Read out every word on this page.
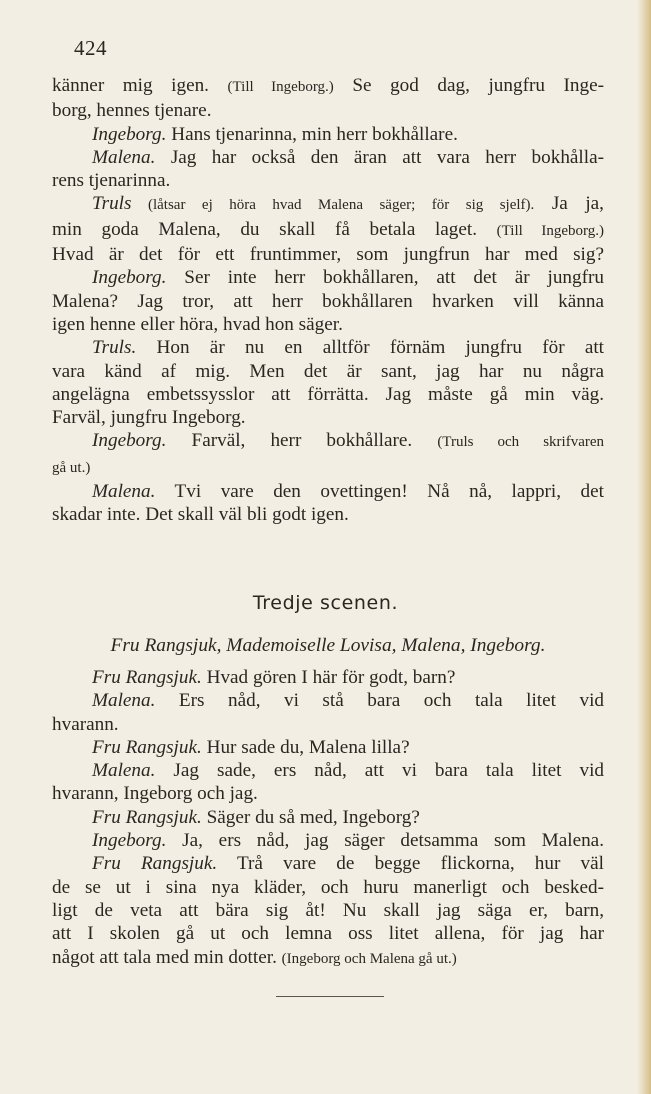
424
känner mig igen. (Till Ingeborg.) Se god dag, jungfru Inge-
borg, hennes tjenare.
Ingeborg. Hans tjenarinna, min herr bokhållare.
Malena. Jag har också den äran att vara herr bokhålla-
rens tjenarinna.
Truls (låtsar ej höra hvad Malena säger; för sig sjelf). Ja ja,
min goda Malena, du skall få betala laget. (Till Ingeborg.)
Hvad är det för ett fruntimmer, som jungfrun har med sig?
Ingeborg. Ser inte herr bokhållaren, att det är jungfru
Malena? Jag tror, att herr bokhållaren hvarken vill känna
igen henne eller höra, hvad hon säger.
Truls. Hon är nu en alltför förnäm jungfru för att
vara känd af mig. Men det är sant, jag har nu några
angelägna embetssysslor att förrätta. Jag måste gå min väg.
Farväl, jungfru Ingeborg.
Ingeborg. Farväl, herr bokhållare. (Truls och skrifvaren
gå ut.)
Malena. Tvi vare den ovettingen! Nå nå, lappri, det
skadar inte. Det skall väl bli godt igen.
Tredje scenen.
Fru Rangsjuk, Mademoiselle Lovisa, Malena, Ingeborg.
Fru Rangsjuk. Hvad gören I här för godt, barn?
Malena. Ers nåd, vi stå bara och tala litet vid
hvarann.
Fru Rangsjuk. Hur sade du, Malena lilla?
Malena. Jag sade, ers nåd, att vi bara tala litet vid
hvarann, Ingeborg och jag.
Fru Rangsjuk. Säger du så med, Ingeborg?
Ingeborg. Ja, ers nåd, jag säger detsamma som Malena.
Fru Rangsjuk. Trå vare de begge flickorna, hur väl
de se ut i sina nya kläder, och huru manerligt och besked-
ligt de veta att bära sig åt! Nu skall jag säga er, barn,
att I skolen gå ut och lemna oss litet allena, för jag har
något att tala med min dotter. (Ingeborg och Malena gå ut.)
